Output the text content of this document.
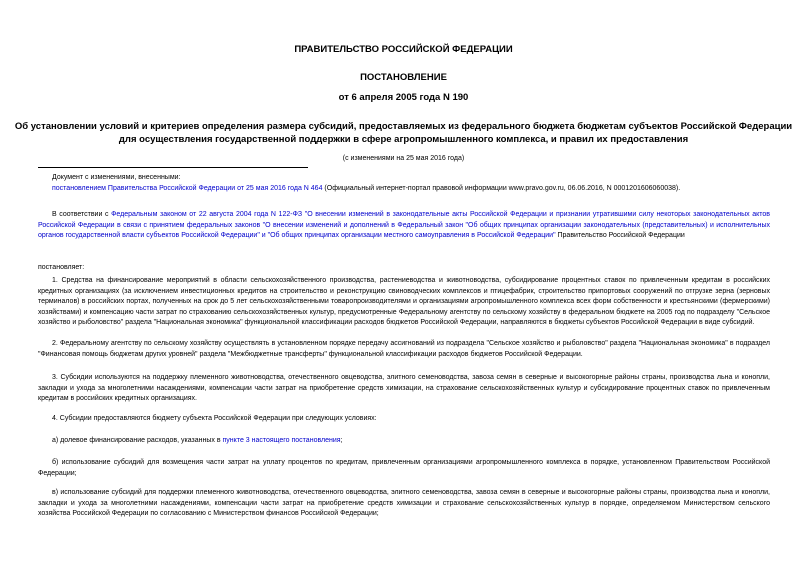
ПРАВИТЕЛЬСТВО РОССИЙСКОЙ ФЕДЕРАЦИИ
ПОСТАНОВЛЕНИЕ
от 6 апреля 2005 года N 190
Об установлении условий и критериев определения размера субсидий, предоставляемых из федерального бюджета бюджетам субъектов Российской Федерации
для осуществления государственной поддержки в сфере агропромышленного комплекса, и правил их предоставления
(с изменениями на 25 мая 2016 года)
Документ с изменениями, внесенными:
постановлением Правительства Российской Федерации от 25 мая 2016 года N 464 (Официальный интернет-портал правовой информации www.pravo.gov.ru, 06.06.2016, N 0001201606060038).
В соответствии с Федеральным законом от 22 августа 2004 года N 122-ФЗ "О внесении изменений в законодательные акты Российской Федерации и признании утратившими силу некоторых законодательных актов Российской Федерации в связи с принятием федеральных законов "О внесении изменений и дополнений в Федеральный закон "Об общих принципах организации законодательных (представительных) и исполнительных органов государственной власти субъектов Российской Федерации" и "Об общих принципах организации местного самоуправления в Российской Федерации" Правительство Российской Федерации
постановляет:
1. Средства на финансирование мероприятий в области сельскохозяйственного производства, растениеводства и животноводства, субсидирование процентных ставок по привлеченным кредитам в российских кредитных организациях (за исключением инвестиционных кредитов на строительство и реконструкцию свиноводческих комплексов и птицефабрик, строительство припортовых сооружений по отгрузке зерна (зерновых терминалов) в российских портах, полученных на срок до 5 лет сельскохозяйственными товаропроизводителями и организациями агропромышленного комплекса всех форм собственности и крестьянскими (фермерскими) хозяйствами) и компенсацию части затрат по страхованию сельскохозяйственных культур, предусмотренные Федеральному агентству по сельскому хозяйству в федеральном бюджете на 2005 год по подразделу "Сельское хозяйство и рыболовство" раздела "Национальная экономика" функциональной классификации расходов бюджетов Российской Федерации, направляются в бюджеты субъектов Российской Федерации в виде субсидий.
2. Федеральному агентству по сельскому хозяйству осуществлять в установленном порядке передачу ассигнований из подраздела "Сельское хозяйство и рыболовство" раздела "Национальная экономика" в подраздел "Финансовая помощь бюджетам других уровней" раздела "Межбюджетные трансферты" функциональной классификации расходов бюджетов Российской Федерации.
3. Субсидии используются на поддержку племенного животноводства, отечественного овцеводства, элитного семеноводства, завоза семян в северные и высокогорные районы страны, производства льна и конопли, закладки и ухода за многолетними насаждениями, компенсации части затрат на приобретение средств химизации, на страхование сельскохозяйственных культур и субсидирование процентных ставок по привлеченным кредитам в российских кредитных организациях.
4. Субсидии предоставляются бюджету субъекта Российской Федерации при следующих условиях:
а) долевое финансирование расходов, указанных в пункте 3 настоящего постановления;
б) использование субсидий для возмещения части затрат на уплату процентов по кредитам, привлеченным организациями агропромышленного комплекса в порядке, установленном Правительством Российской Федерации;
в) использование субсидий для поддержки племенного животноводства, отечественного овцеводства, элитного семеноводства, завоза семян в северные и высокогорные районы страны, производства льна и конопли, закладки и ухода за многолетними насаждениями, компенсации части затрат на приобретение средств химизации и страхование сельскохозяйственных культур в порядке, определяемом Министерством сельского хозяйства Российской Федерации по согласованию с Министерством финансов Российской Федерации;
